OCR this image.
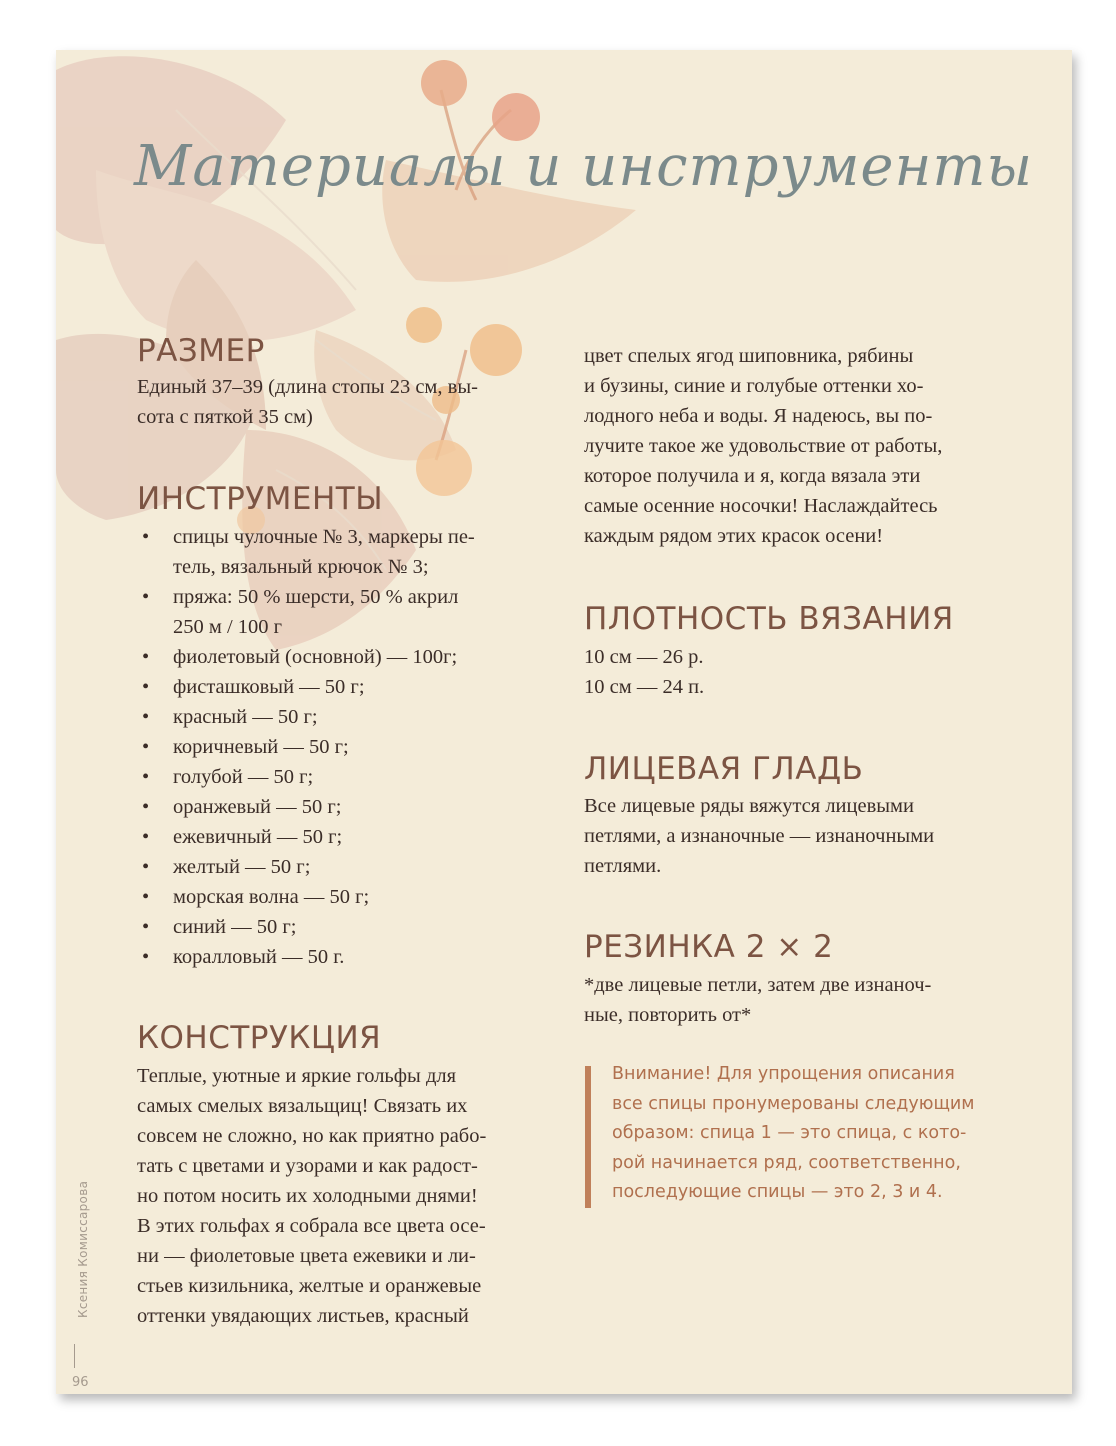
Материалы и инструменты
РАЗМЕР

Единый 37–39 (длина стопы 23 см, вы-
сота с пяткой 35 см)

ИНСТРУМЕНТЫ
• спицы чулочные № 3, маркеры пе-
тель, вязальный крючок № 3;
• пряжа: 50 % шерсти, 50 % акрил
250 м / 100 г
• фиолетовый (основной) — 100г;
• фисташковый — 50 г;
• красный — 50 г;
• коричневый — 50 г;
• голубой — 50 г;
• оранжевый — 50 г;
• ежевичный — 50 г;
• желтый — 50 г;
• морская волна — 50 г;
• синий — 50 г;
• коралловый — 50 г.
КОНСТРУКЦИЯ

Теплые, уютные и яркие гольфы для
самых смелых вязальщиц! Связать их
совсем не сложно, но как приятно рабо-
тать с цветами и узорами и как радост-
но потом носить их холодными днями!
В этих гольфах я собрала все цвета осе-
ни — фиолетовые цвета ежевики и ли-
стьев кизильника, желтые и оранжевые
оттенки увядающих листьев, красный

цвет спелых ягод шиповника, рябины
и бузины, синие и голубые оттенки хо-
лодного неба и воды. Я надеюсь, вы по-
лучите такое же удовольствие от работы,
которое получила и я, когда вязала эти
самые осенние носочки! Наслаждайтесь
каждым рядом этих красок осени!

ПЛОТНОСТЬ ВЯЗАНИЯ

10 см — 26 р.
10 см — 24 п.

ЛИЦЕВАЯ ГЛАДЬ

Все лицевые ряды вяжутся лицевыми
петлями, а изнаночные — изнаночными
петлями.

РЕЗИНКА 2 × 2

*две лицевые петли, затем две изнаноч-
ные, повторить от*

Внимание! Для упрощения описания
все спицы пронумерованы следующим
образом: спица 1 — это спица, с кото-
рой начинается ряд, соответственно,
последующие спицы — это 2, 3 и 4.

Ксения Комиссарова
96
